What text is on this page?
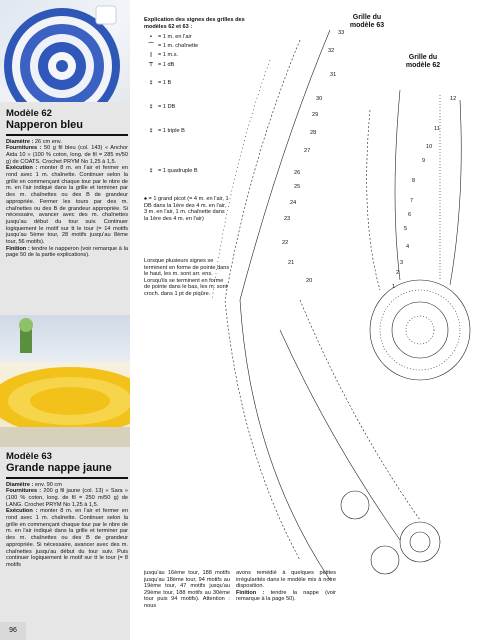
Modèle 62
Napperon bleu

Diamètre : 26 cm env.
Fournitures : 50 g fil bleu (col. 143) « Anchor Aida 10 » (100 % coton, long. de fil = 285 m/50 g) de COATS. Crochet PRYM No 1,25 à 1,5.
Exécution : monter 8 m. en l'air et fermer en rond avec 1 m. chaînette. Continuer selon la grille en commençant chaque tour par le nbre de m. en l'air indiqué dans la grille et terminer par des m. chaînettes ou des B de grandeur appropriée. Fermer les tours par des m. chaînettes ou des B de grandeur appropriée. Si nécessaire, avancer avec des m. chaînettes jusqu'au début du tour suiv. Continuer logiquement le motif sur tt le tour (= 14 motifs jusqu'au 5ème tour, 28 motifs jusqu'au 8ème tour, 56 motifs).
Finition : tendre le napperon (voir remarque à la page 50 de la partie explications).

Modèle 63
Grande nappe jaune

Diamètre : env. 90 cm
Fournitures : 200 g fil jaune (col. 13) « Sara » (100 % coton, long. de fil = 250 m/50 g) de LANG. Crochet PRYM No 1,25 à 1,5.
Exécution : monter 8 m. en l'air et fermer en rond avec 1 m. chaînette. Continuer selon la grille en commençant chaque tour par le nbre de m. en l'air indiqué dans la grille et terminer par des m. chaînettes ou des B de grandeur appropriée. Si nécessaire, avancer avec des m. chaînettes jusqu'au début du tour suiv. Puis continuer logiquement le motif sur tt le tour (= 8 motifs

96
Explication des signes des grilles des modèles 62 et 63 :
• = 1 m. en l'air
⌒ = 1 m. chaînette
| = 1 m.s.
⊤ = 1 dB
‡ = 1 B
‡ = 1 DB
‡ = 1 triple B
‡ = 1 quadruple B
♠ = 1 grand picot (= 4 m. en l'air, 1 DB dans la 1ère des 4 m. en l'air, 3 m. en l'air, 1 m. chaînette dans la 1ère des 4 m. en l'air)
Lorsque plusieurs signes se terminent en forme de pointe dans le haut, les m. sont arr. ens. Lorsqu'ils se terminent en forme de pointe dans le bas, les m. sont croch. dans 1 pt de piqûre.
Grille du modèle 63
Grille du modèle 62
33
32
31
30
29
28
27
26
25
24
23
22
21
20
12
11
10
9
8
7
6
5
4
3
2
1
jusqu'au 16ème tour, 188 motifs jusqu'au 18ème tour, 94 motifs au 19ème tour, 47 motifs jusqu'au 29ème tour, 188 motifs au 30ème tour puis 94 motifs). Attention : nous
avons remédié à quelques petites irrégularités dans le modèle mis à notre disposition.
Finition : tendre la nappe (voir remarque à la page 50).
